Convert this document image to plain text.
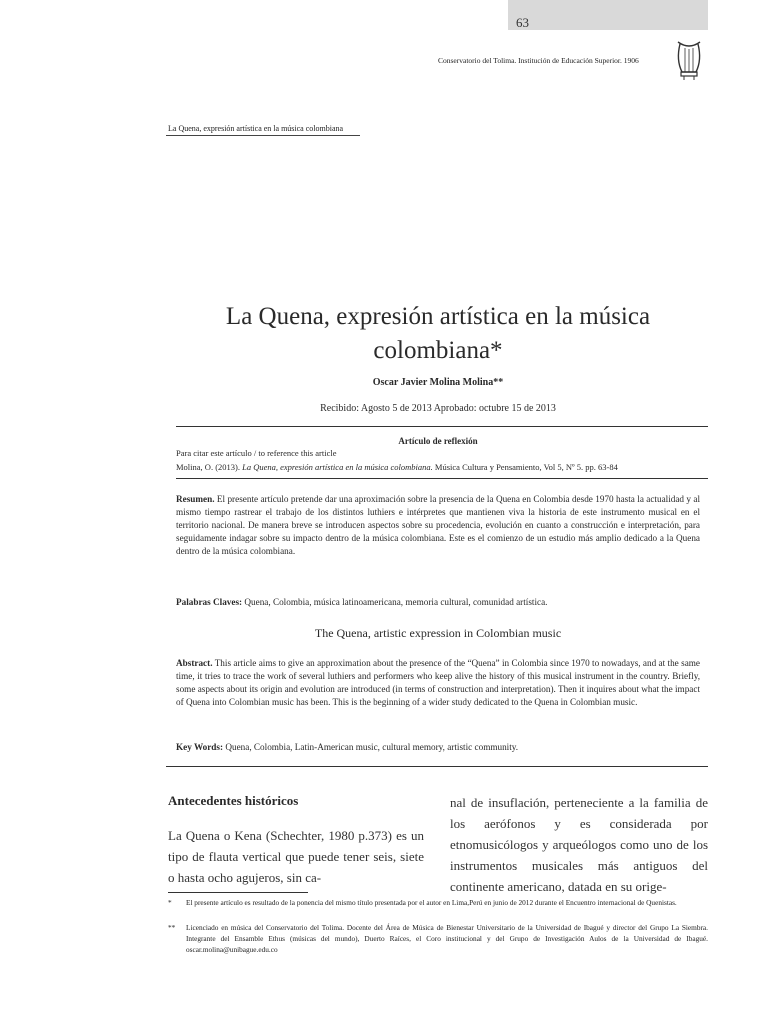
63
Conservatorio del Tolima. Institución de Educación Superior. 1906
La Quena, expresión artística en la música colombiana
La Quena, expresión artística en la música
colombiana*
Oscar Javier Molina Molina**
Recibido: Agosto 5 de 2013 Aprobado: octubre 15 de 2013
Artículo de reflexión
Para citar este artículo / to reference this article
Molina, O. (2013). La Quena, expresión artística en la música colombiana. Música Cultura y Pensamiento, Vol 5, Nº 5. pp. 63-84
Resumen. El presente artículo pretende dar una aproximación sobre la presencia de la Quena en Colombia desde 1970 hasta la actualidad y al mismo tiempo rastrear el trabajo de los distintos luthiers e intérpretes que mantienen viva la historia de este instrumento musical en el territorio nacional. De manera breve se introducen aspectos sobre su procedencia, evolución en cuanto a construcción e interpretación, para seguidamente indagar sobre su impacto dentro de la música colombiana. Este es el comienzo de un estudio más amplio dedicado a la Quena dentro de la música colombiana.
Palabras Claves: Quena, Colombia, música latinoamericana, memoria cultural, comunidad artística.
The Quena, artistic expression in Colombian music
Abstract. This article aims to give an approximation about the presence of the “Quena” in Colombia since 1970 to nowadays, and at the same time, it tries to trace the work of several luthiers and performers who keep alive the history of this musical instrument in the country. Briefly, some aspects about its origin and evolution are introduced (in terms of construction and interpretation). Then it inquires about what the impact of Quena into Colombian music has been. This is the beginning of a wider study dedicated to the Quena in Colombian music.
Key Words: Quena, Colombia, Latin-American music, cultural memory, artistic community.
Antecedentes históricos
La Quena o Kena (Schechter, 1980 p.373) es un tipo de flauta vertical que puede tener seis, siete o hasta ocho agujeros, sin ca-
nal de insuflación, perteneciente a la familia de los aerófonos y es considerada por etnomusicólogos y arqueólogos como uno de los instrumentos musicales más antiguos del continente americano, datada en su orige-
* El presente artículo es resultado de la ponencia del mismo título presentada por el autor en Lima,Perú en junio de 2012 durante el Encuentro internacional de Quenistas.
** Licenciado en música del Conservatorio del Tolima. Docente del Área de Música de Bienestar Universitario de la Universidad de Ibagué y director del Grupo La Siembra. Integrante del Ensamble Ethus (músicas del mundo), Duerto Raíces, el Coro institucional y del Grupo de Investigación Aulos de la Universidad de Ibagué. oscar.molina@unibague.edu.co
